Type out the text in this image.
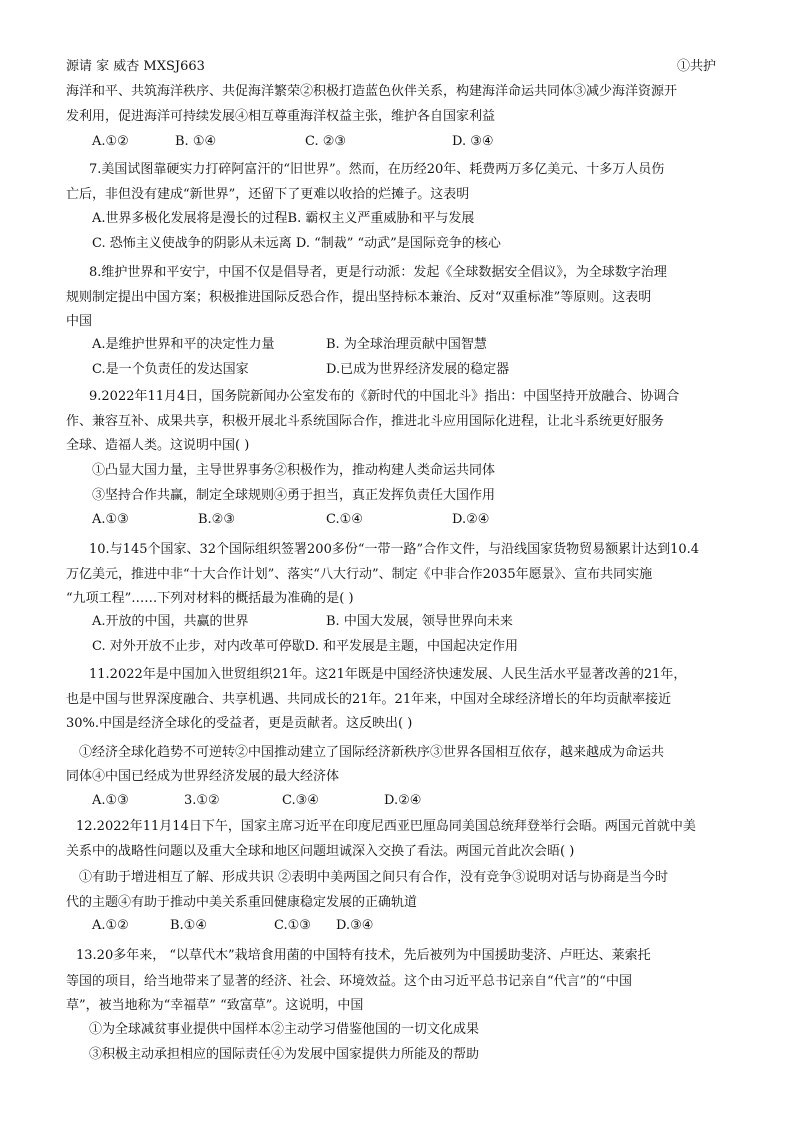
源请 家 威杏 MXSJ663	①共护
海洋和平、共筑海洋秩序、共促海洋繁荣②积极打造蓝色伙伴关系，构建海洋命运共同体③减少海洋资源开
发利用，促进海洋可持续发展④相互尊重海洋权益主张，维护各自国家利益
A.①②	B. ①④	C. ②③	D. ③④
7.美国试图靠硬实力打碎阿富汗的“旧世界”。然而，在历经20年、耗费两万多亿美元、十多万人员伤
亡后，非但没有建成“新世界”，还留下了更难以收拾的烂摊子。这表明
A.世界多极化发展将是漫长的过程B. 霸权主义严重威胁和平与发展
C. 恐怖主义使战争的阴影从未远离 D. “制裁” “动武”是国际竞争的核心
8.维护世界和平安宁，中国不仅是倡导者，更是行动派：发起《全球数据安全倡议》，为全球数字治理
规则制定提出中国方案；积极推进国际反恐合作，提出坚持标本兼治、反对“双重标准”等原则。这表明
中国
A.是维护世界和平的决定性力量	B. 为全球治理贡献中国智慧
C.是一个负责任的发达国家	D.已成为世界经济发展的稳定器
9.2022年11月4日，国务院新闻办公室发布的《新时代的中国北斗》指出：中国坚持开放融合、协调合
作、兼容互补、成果共享，积极开展北斗系统国际合作，推进北斗应用国际化进程，让北斗系统更好服务
全球、造福人类。这说明中国( )
①凸显大国力量，主导世界事务②积极作为，推动构建人类命运共同体
③坚持合作共赢，制定全球规则④勇于担当，真正发挥负责任大国作用
A.①③	B.②③	C.①④	D.②④
10.与145个国家、32个国际组织签署200多份“一带一路”合作文件，与沿线国家货物贸易额累计达到10.4
万亿美元，推进中非“十大合作计划”、落实“八大行动”、制定《中非合作2035年愿景》、宣布共同实施
“九项工程”……下列对材料的概括最为准确的是( )
A.开放的中国，共赢的世界	B. 中国大发展，领导世界向未来
C. 对外开放不止步，对内改革可停歇D. 和平发展是主题，中国起决定作用
11.2022年是中国加入世贸组织21年。这21年既是中国经济快速发展、人民生活水平显著改善的21年，
也是中国与世界深度融合、共享机遇、共同成长的21年。21年来，中国对全球经济增长的年均贡献率接近
30%.中国是经济全球化的受益者，更是贡献者。这反映出( )
①经济全球化趋势不可逆转②中国推动建立了国际经济新秩序③世界各国相互依存，越来越成为命运共
同体④中国已经成为世界经济发展的最大经济体
A.①③	3.①②	C.③④	D.②④
12.2022年11月14日下午，国家主席习近平在印度尼西亚巴厘岛同美国总统拜登举行会晤。两国元首就中美
关系中的战略性问题以及重大全球和地区问题坦诚深入交换了看法。两国元首此次会晤( )
①有助于增进相互了解、形成共识 ②表明中美两国之间只有合作，没有竞争③说明对话与协商是当今时
代的主题④有助于推动中美关系重回健康稳定发展的正确轨道
A.①②	B.①④	C.①③ D.③④
13.20多年来， “以草代木”栽培食用菌的中国特有技术，先后被列为中国援助斐济、卢旺达、莱索托
等国的项目，给当地带来了显著的经济、社会、环境效益。这个由习近平总书记亲自“代言”的“中国
草”，被当地称为“幸福草” “致富草”。这说明，中国
①为全球减贫事业提供中国样本②主动学习借鉴他国的一切文化成果
③积极主动承担相应的国际责任④为发展中国家提供力所能及的帮助
